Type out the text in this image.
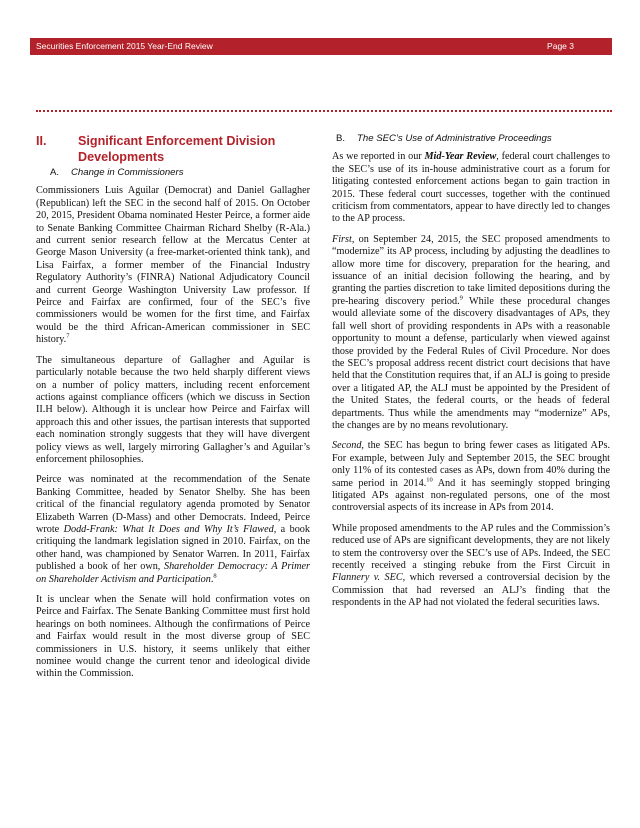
Securities Enforcement 2015 Year-End Review	Page 3
II.	Significant Enforcement Division Developments
A. Change in Commissioners

Commissioners Luis Aguilar (Democrat) and Daniel Gallagher (Republican) left the SEC in the second half of 2015. On October 20, 2015, President Obama nominated Hester Peirce, a former aide to Senate Banking Committee Chairman Richard Shelby (R-Ala.) and current senior research fellow at the Mercatus Center at George Mason University (a free-market-oriented think tank), and Lisa Fairfax, a former member of the Financial Industry Regulatory Authority’s (FINRA) National Adjudicatory Council and current George Washington University Law professor. If Peirce and Fairfax are confirmed, four of the SEC’s five commissioners would be women for the first time, and Fairfax would be the third African-American commissioner in SEC history.$^7$

The simultaneous departure of Gallagher and Aguilar is particularly notable because the two held sharply different views on a number of policy matters, including recent enforcement actions against compliance officers (which we discuss in Section II.H below). Although it is unclear how Peirce and Fairfax will approach this and other issues, the partisan interests that supported each nomination strongly suggests that they will have divergent policy views as well, largely mirroring Gallagher’s and Aguilar’s enforcement philosophies.

Peirce was nominated at the recommendation of the Senate Banking Committee, headed by Senator Shelby. She has been critical of the financial regulatory agenda promoted by Senator Elizabeth Warren (D-Mass) and other Democrats. Indeed, Peirce wrote Dodd-Frank: What It Does and Why It’s Flawed, a book critiquing the landmark legislation signed in 2010. Fairfax, on the other hand, was championed by Senator Warren. In 2011, Fairfax published a book of her own, Shareholder Democracy: A Primer on Shareholder Activism and Participation.$^8$

It is unclear when the Senate will hold confirmation votes on Peirce and Fairfax. The Senate Banking Committee must first hold hearings on both nominees. Although the confirmations of Peirce and Fairfax would result in the most diverse group of SEC commissioners in U.S. history, it seems unlikely that either nominee would change the current tenor and ideological divide within the Commission.

B. The SEC’s Use of Administrative Proceedings

As we reported in our Mid-Year Review, federal court challenges to the SEC’s use of its in-house administrative court as a forum for litigating contested enforcement actions began to gain traction in 2015. These federal court successes, together with the continued criticism from commentators, appear to have directly led to changes to the AP process.

First, on September 24, 2015, the SEC proposed amendments to “modernize” its AP process, including by adjusting the deadlines to allow more time for discovery, preparation for the hearing, and issuance of an initial decision following the hearing, and by granting the parties discretion to take limited depositions during the pre-hearing discovery period.$^9$ While these procedural changes would alleviate some of the discovery disadvantages of APs, they fall well short of providing respondents in APs with a reasonable opportunity to mount a defense, particularly when viewed against those provided by the Federal Rules of Civil Procedure. Nor does the SEC’s proposal address recent district court decisions that have held that the Constitution requires that, if an ALJ is going to preside over a litigated AP, the ALJ must be appointed by the President of the United States, the federal courts, or the heads of federal departments. Thus while the amendments may “modernize” APs, the changes are by no means revolutionary.

Second, the SEC has begun to bring fewer cases as litigated APs. For example, between July and September 2015, the SEC brought only 11% of its contested cases as APs, down from 40% during the same period in 2014.10 And it has seemingly stopped bringing litigated APs against non-regulated persons, one of the most controversial aspects of its increase in APs from 2014.

While proposed amendments to the AP rules and the Commission’s reduced use of APs are significant developments, they are not likely to stem the controversy over the SEC’s use of APs. Indeed, the SEC recently received a stinging rebuke from the First Circuit in Flannery v. SEC, which reversed a controversial decision by the Commission that had reversed an ALJ’s finding that the respondents in the AP had not violated the federal securities laws.
